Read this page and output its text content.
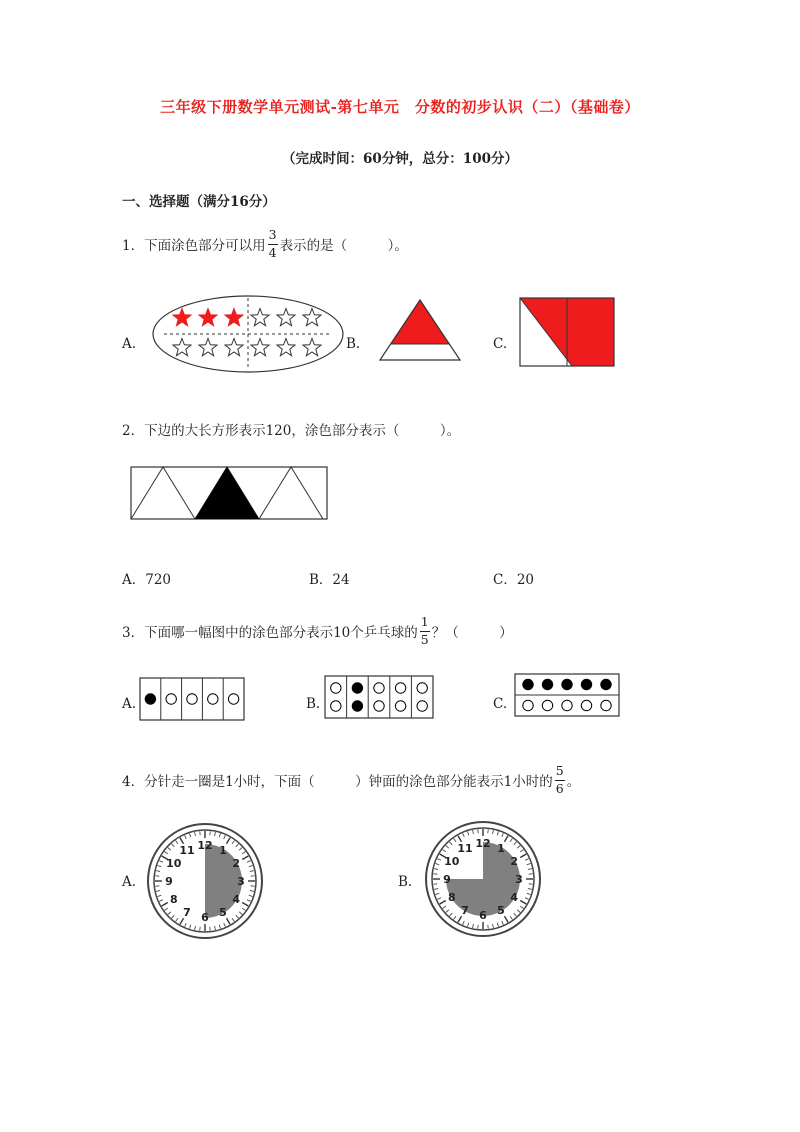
三年级下册数学单元测试-第七单元　分数的初步认识（二）（基础卷）
（完成时间：60分钟，总分：100分）
一、选择题（满分16分）
1．下面涂色部分可以用 $\frac{3}{4}$ 表示的是（　　　）。
A.	B.	C.
2．下边的大长方形表示120，涂色部分表示（　　　）。
A．720	B．24	C．20
3．下面哪一幅图中的涂色部分表示10个乒乓球的 $\frac{1}{5}$ ？（　　　）
A.	B.	C.
4．分针走一圈是1小时，下面（　　　）钟面的涂色部分能表示1小时的 $\frac{5}{6}$ 。
A.
12 1
2
3
4
5
6
7
8
9
10
11
B.
12 1
2
3
4
5
6
7
8
9
10
11
